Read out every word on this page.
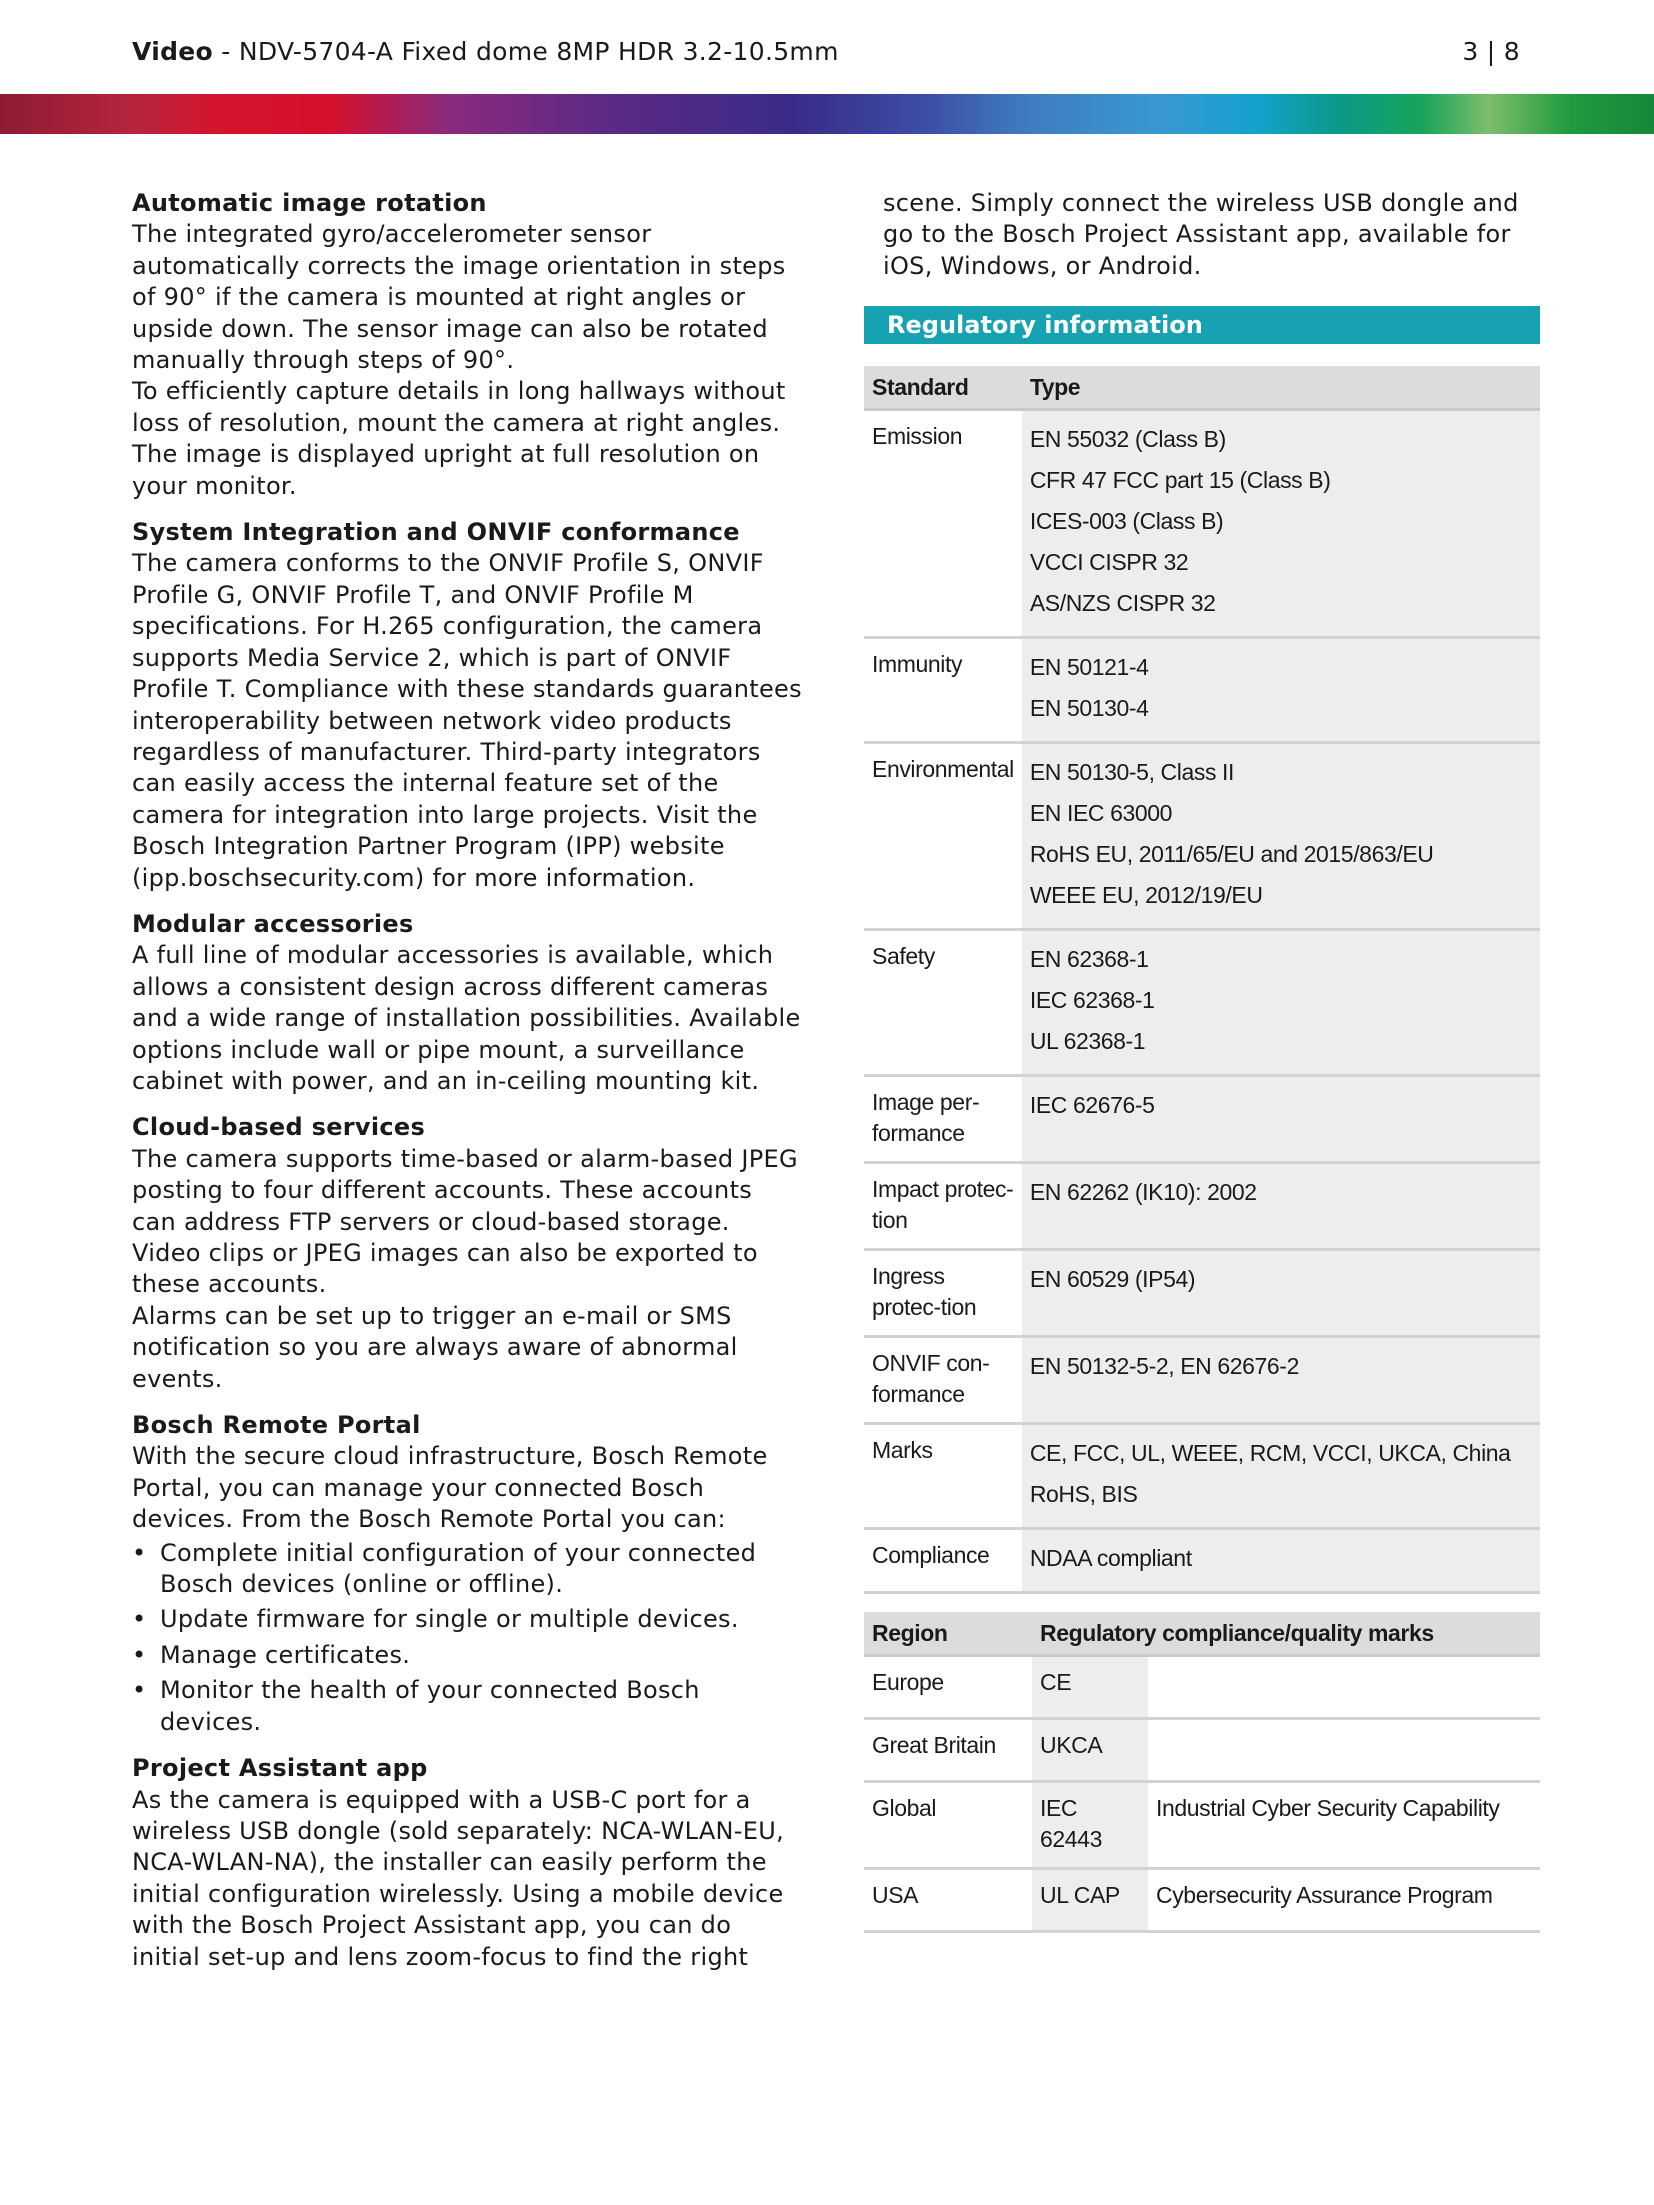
Video - NDV-5704-A Fixed dome 8MP HDR 3.2-10.5mm	3 | 8
Automatic image rotation

The integrated gyro/accelerometer sensor automatically corrects the image orientation in steps of 90° if the camera is mounted at right angles or upside down. The sensor image can also be rotated manually through steps of 90°.

To efficiently capture details in long hallways without loss of resolution, mount the camera at right angles. The image is displayed upright at full resolution on your monitor.

System Integration and ONVIF conformance

The camera conforms to the ONVIF Profile S, ONVIF Profile G, ONVIF Profile T, and ONVIF Profile M specifications. For H.265 configuration, the camera supports Media Service 2, which is part of ONVIF Profile T. Compliance with these standards guarantees interoperability between network video products regardless of manufacturer. Third-party integrators can easily access the internal feature set of the camera for integration into large projects. Visit the Bosch Integration Partner Program (IPP) website (ipp.boschsecurity.com) for more information.

Modular accessories

A full line of modular accessories is available, which allows a consistent design across different cameras and a wide range of installation possibilities. Available options include wall or pipe mount, a surveillance cabinet with power, and an in-ceiling mounting kit.

Cloud-based services

The camera supports time-based or alarm-based JPEG posting to four different accounts. These accounts can address FTP servers or cloud-based storage. Video clips or JPEG images can also be exported to these accounts.

Alarms can be set up to trigger an e-mail or SMS notification so you are always aware of abnormal events.

Bosch Remote Portal

With the secure cloud infrastructure, Bosch Remote Portal, you can manage your connected Bosch devices. From the Bosch Remote Portal you can:

• Complete initial configuration of your connected Bosch devices (online or offline).
• Update firmware for single or multiple devices.
• Manage certificates.
• Monitor the health of your connected Bosch devices.
Project Assistant app

As the camera is equipped with a USB-C port for a wireless USB dongle (sold separately: NCA-WLAN-EU, NCA-WLAN-NA), the installer can easily perform the initial configuration wirelessly. Using a mobile device with the Bosch Project Assistant app, you can do initial set-up and lens zoom-focus to find the right

scene. Simply connect the wireless USB dongle and go to the Bosch Project Assistant app, available for iOS, Windows, or Android.

Regulatory information
Standard	Type
Emission	EN 55032 (Class B)
CFR 47 FCC part 15 (Class B)
ICES-003 (Class B)
VCCI CISPR 32
AS/NZS CISPR 32

Immunity	EN 50121-4
EN 50130-4

Environmental	EN 50130-5, Class II
EN IEC 63000
RoHS EU, 2011/65/EU and 2015/863/EU
WEEE EU, 2012/19/EU

Safety	EN 62368-1
IEC 62368-1
UL 62368-1

Image per-formance	IEC 62676-5

Impact protec-tion	EN 62262 (IK10): 2002

Ingress protec-tion	EN 60529 (IP54)

ONVIF con-formance	EN 50132-5-2, EN 62676-2

Marks	CE, FCC, UL, WEEE, RCM, VCCI, UKCA, China RoHS, BIS

Compliance	NDAA compliant
Region	Regulatory compliance/quality marks	
Europe	CE	
Great Britain	UKCA	
Global	IEC 62443	Industrial Cyber Security Capability
USA	UL CAP	Cybersecurity Assurance Program
